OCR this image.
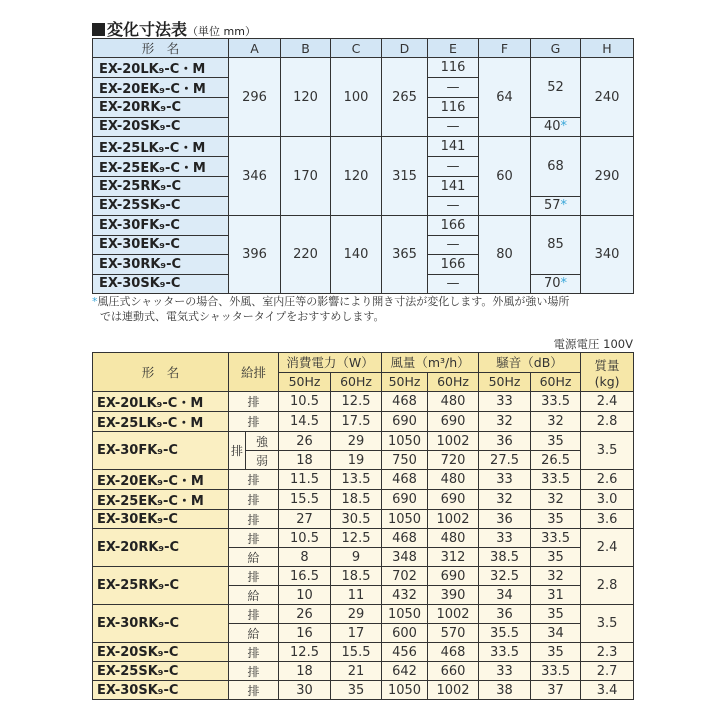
変化寸法表（単位 mm）
形　名	A	B	C	D	E	F	G	H
EX-20LK₉-C・M	296	120	100	265	116	64	52	240
EX-20EK₉-C・M					—			
EX-20RK₉-C					116			
EX-20SK₉-C					—		40*	
EX-25LK₉-C・M	346	170	120	315	141	60	68	290
EX-25EK₉-C・M					—			
EX-25RK₉-C					141			
EX-25SK₉-C					—		57*	
EX-30FK₉-C	396	220	140	365	166	80	85	340
EX-30EK₉-C					—			
EX-30RK₉-C					166			
EX-30SK₉-C					—		70*	
*風圧式シャッターの場合、外風、室内圧等の影響により開き寸法が変化します。外風が強い場所
では連動式、電気式シャッタータイプをおすすめします。
電源電圧 100V
形　名	給排		消費電力（W）		風量（m³/h）		騒音（dB）		質量
(kg)
			50Hz	60Hz	50Hz	60Hz	50Hz	60Hz	
EX-20LK₉-C・M	排		10.5	12.5	468	480	33	33.5	2.4
EX-25LK₉-C・M	排		14.5	17.5	690	690	32	32	2.8
EX-30FK₉-C	排	強	26	29	1050	1002	36	35	3.5
		弱	18	19	750	720	27.5	26.5	
EX-20EK₉-C・M	排		11.5	13.5	468	480	33	33.5	2.6
EX-25EK₉-C・M	排		15.5	18.5	690	690	32	32	3.0
EX-30EK₉-C	排		27	30.5	1050	1002	36	35	3.6
EX-20RK₉-C	排		10.5	12.5	468	480	33	33.5	2.4
	給		8	9	348	312	38.5	35	
EX-25RK₉-C	排		16.5	18.5	702	690	32.5	32	2.8
	給		10	11	432	390	34	31	
EX-30RK₉-C	排		26	29	1050	1002	36	35	3.5
	給		16	17	600	570	35.5	34	
EX-20SK₉-C	排		12.5	15.5	456	468	33.5	35	2.3
EX-25SK₉-C	排		18	21	642	660	33	33.5	2.7
EX-30SK₉-C	排		30	35	1050	1002	38	37	3.4
